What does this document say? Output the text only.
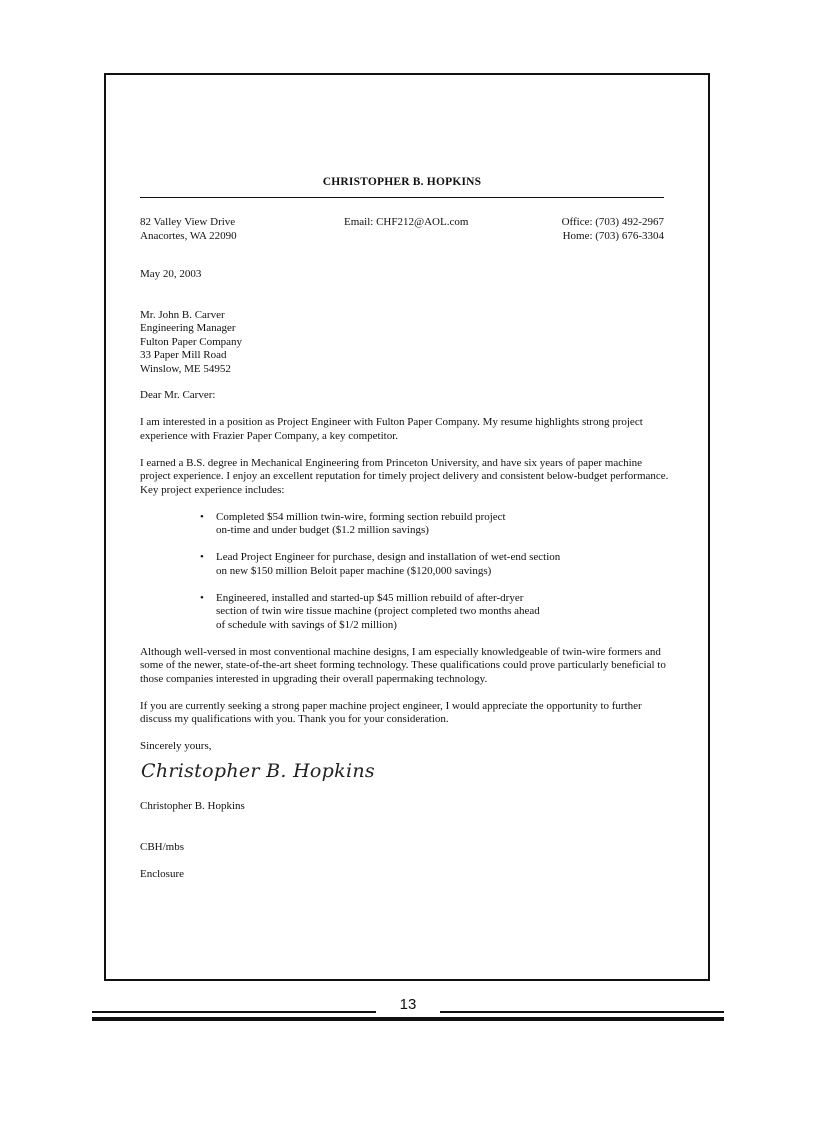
CHRISTOPHER B. HOPKINS
82 Valley View Drive
Anacortes, WA 22090
Email: CHF212@AOL.com	Office: (703) 492-2967
Home: (703) 676-3304
May 20, 2003
Mr. John B. Carver
Engineering Manager
Fulton Paper Company
33 Paper Mill Road
Winslow, ME 54952

Dear Mr. Carver:

I am interested in a position as Project Engineer with Fulton Paper Company. My resume highlights strong project experience with Frazier Paper Company, a key competitor.

I earned a B.S. degree in Mechanical Engineering from Princeton University, and have six years of paper machine project experience. I enjoy an excellent reputation for timely project delivery and consistent below-budget performance. Key project experience includes:

• Completed $54 million twin-wire, forming section rebuild project
on-time and under budget ($1.2 million savings)
• Lead Project Engineer for purchase, design and installation of wet-end section
on new $150 million Beloit paper machine ($120,000 savings)
• Engineered, installed and started-up $45 million rebuild of after-dryer
section of twin wire tissue machine (project completed two months ahead
of schedule with savings of $1/2 million)

Although well-versed in most conventional machine designs, I am especially knowledgeable of twin-wire formers and some of the newer, state-of-the-art sheet forming technology. These qualifications could prove particularly beneficial to those companies interested in upgrading their overall papermaking technology.

If you are currently seeking a strong paper machine project engineer, I would appreciate the opportunity to further discuss my qualifications with you. Thank you for your consideration.

Sincerely yours,

Christopher B. Hopkins
Christopher B. Hopkins
CBH/mbs
Enclosure
13
